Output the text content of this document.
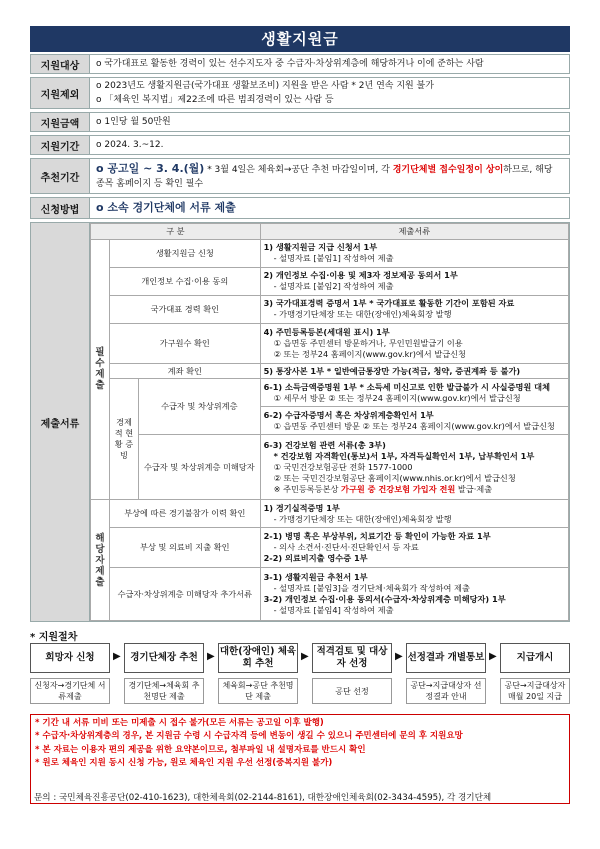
생활지원금
지원대상	o 국가대표로 활동한 경력이 있는 선수지도자 중 수급자·차상위계층에 해당하거나 이에 준하는 사람
지원제외
o 2023년도 생활지원금(국가대표 생활보조비) 지원을 받은 사람 * 2년 연속 지원 불가
o 「체육인 복지법」제22조에 따른 범죄경력이 있는 사람 등
지원금액	o 1인당 월 50만원
지원기간	o 2024. 3.~12.
추천기간
o 공고일 ~ 3. 4.(월) * 3월 4일은 체육회→공단 추천 마감일이며, 각 경기단체별 접수일정이 상이하므로, 해당 종목 홈페이지 등 확인 필수
신청방법	o 소속 경기단체에 서류 제출
제출서류
구 분			제출서류
필수제출	생활지원금 신청		1) 생활지원금 지급 신청서 1부
- 설명자료 [붙임1] 작성하여 제출

	개인정보 수집·이용 동의		2) 개인정보 수집·이용 및 제3자 정보제공 동의서 1부
- 설명자료 [붙임2] 작성하여 제출

	국가대표 경력 확인		3) 국가대표경력 증명서 1부 * 국가대표로 활동한 기간이 포함된 자료
- 가맹경기단체장 또는 대한(장애인)체육회장 발행

	가구원수 확인		4) 주민등록등본(세대원 표시) 1부
① 읍면동 주민센터 방문하거나, 무인민원발급기 이용
② 또는 정부24 홈페이지(www.gov.kr)에서 발급신청

	계좌 확인		5) 통장사본 1부 * 일반예금통장만 가능(적금, 청약, 증권계좌 등 불가)
	경제적 현황 증빙	수급자 및 차상위계층	6-1) 소득금액증명원 1부 * 소득세 미신고로 인한 발급불가 시 사실증명원 대체
① 세무서 방문 ② 또는 정부24 홈페이지(www.gov.kr)에서 발급신청

			6-2) 수급자증명서 혹은 차상위계층확인서 1부
① 읍면동 주민센터 방문 ② 또는 정부24 홈페이지(www.gov.kr)에서 발급신청

		수급자 및 차상위계층 미해당자	6-3) 건강보험 관련 서류(총 3부)
* 건강보험 자격확인(통보)서 1부, 자격득실확인서 1부, 납부확인서 1부
① 국민건강보험공단 전화 1577-1000
② 또는 국민건강보험공단 홈페이지(www.nhis.or.kr)에서 발급신청
※ 주민등록등본상 가구원 중 건강보험 가입자 전원 발급·제출

해당자제출	부상에 따른 경기불참가 이력 확인		1) 경기실적증명 1부
- 가맹경기단체장 또는 대한(장애인)체육회장 발행

	부상 및 의료비 지출 확인		2-1) 병명 혹은 부상부위, 치료기간 등 확인이 가능한 자료 1부
- 의사 소견서·진단서·진단확인서 등 자료
2-2) 의료비지출 영수증 1부

	수급자·차상위계층 미해당자 추가서류		3-1) 생활지원금 추천서 1부
- 설명자료 [붙임3]을 경기단체·체육회가 작성하여 제출
3-2) 개인정보 수집·이용 동의서(수급자·차상위계층 미해당자) 1부
- 설명자료 [붙임4] 작성하여 제출
* 지원절차
희망자 신청	▶	경기단체장 추천 ▶ 대한(장애인) 체육회 추천
▶ 적격검토 및 대상자 선정
▶ 선정결과 개별통보 ▶	지급개시
신청자→경기단체 서류제출
경기단체→체육회 추천명단 제출
체육회→공단 추천명단 제출
공단 선정
공단→지급대상자 선정결과 안내
공단→지급대상자 매월 20일 지급
* 기간 내 서류 미비 또는 미제출 시 접수 불가(모든 서류는 공고일 이후 발행)
* 수급자·차상위계층의 경우, 본 지원금 수령 시 수급자격 등에 변동이 생길 수 있으니 주민센터에 문의 후 지원요망
* 본 자료는 이용자 편의 제공을 위한 요약본이므로, 첨부파일 내 설명자료를 반드시 확인
* 원로 체육인 지원 동시 신청 가능, 원로 체육인 지원 우선 선정(중복지원 불가)
문의 : 국민체육진흥공단(02-410-1623), 대한체육회(02-2144-8161), 대한장애인체육회(02-3434-4595), 각 경기단체
